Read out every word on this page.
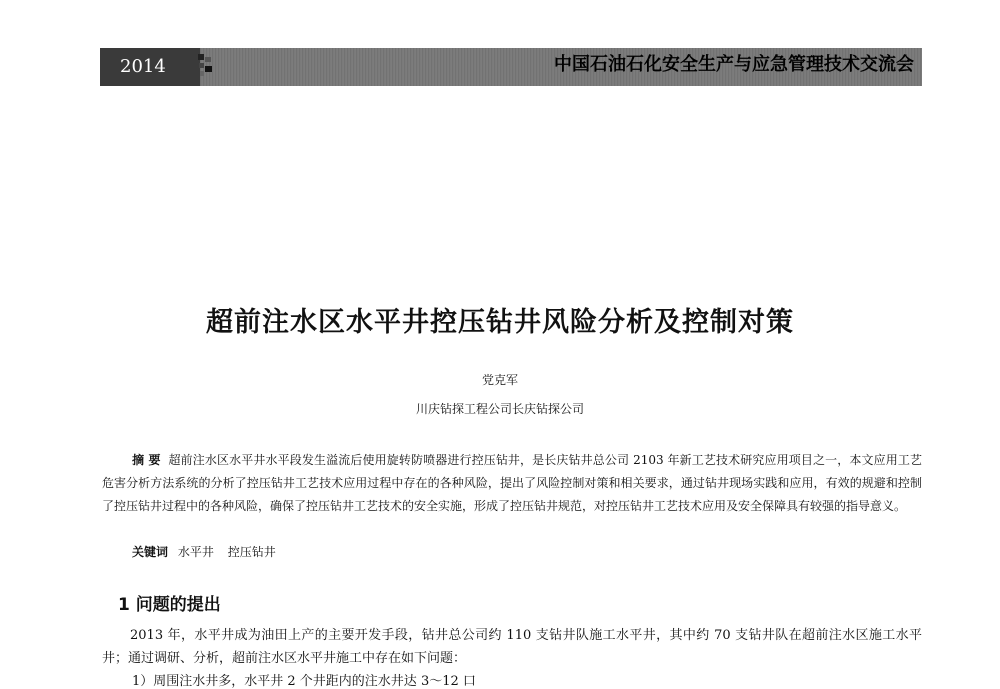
2014	中国石油石化安全生产与应急管理技术交流会
超前注水区水平井控压钻井风险分析及控制对策
党克军
川庆钻探工程公司长庆钻探公司
摘 要 超前注水区水平井水平段发生溢流后使用旋转防喷器进行控压钻井，是长庆钻井总公司 2103 年新工艺技术研究应用项目之一，本文应用工艺危害分析方法系统的分析了控压钻井工艺技术应用过程中存在的各种风险，提出了风险控制对策和相关要求，通过钻井现场实践和应用，有效的规避和控制了控压钻井过程中的各种风险，确保了控压钻井工艺技术的安全实施，形成了控压钻井规范，对控压钻井工艺技术应用及安全保障具有较强的指导意义。
关键词 水平井 控压钻井
1 问题的提出
2013 年，水平井成为油田上产的主要开发手段，钻井总公司约 110 支钻井队施工水平井，其中约 70 支钻井队在超前注水区施工水平井；通过调研、分析，超前注水区水平井施工中存在如下问题：
1）周围注水井多，水平井 2 个井距内的注水井达 3～12 口
